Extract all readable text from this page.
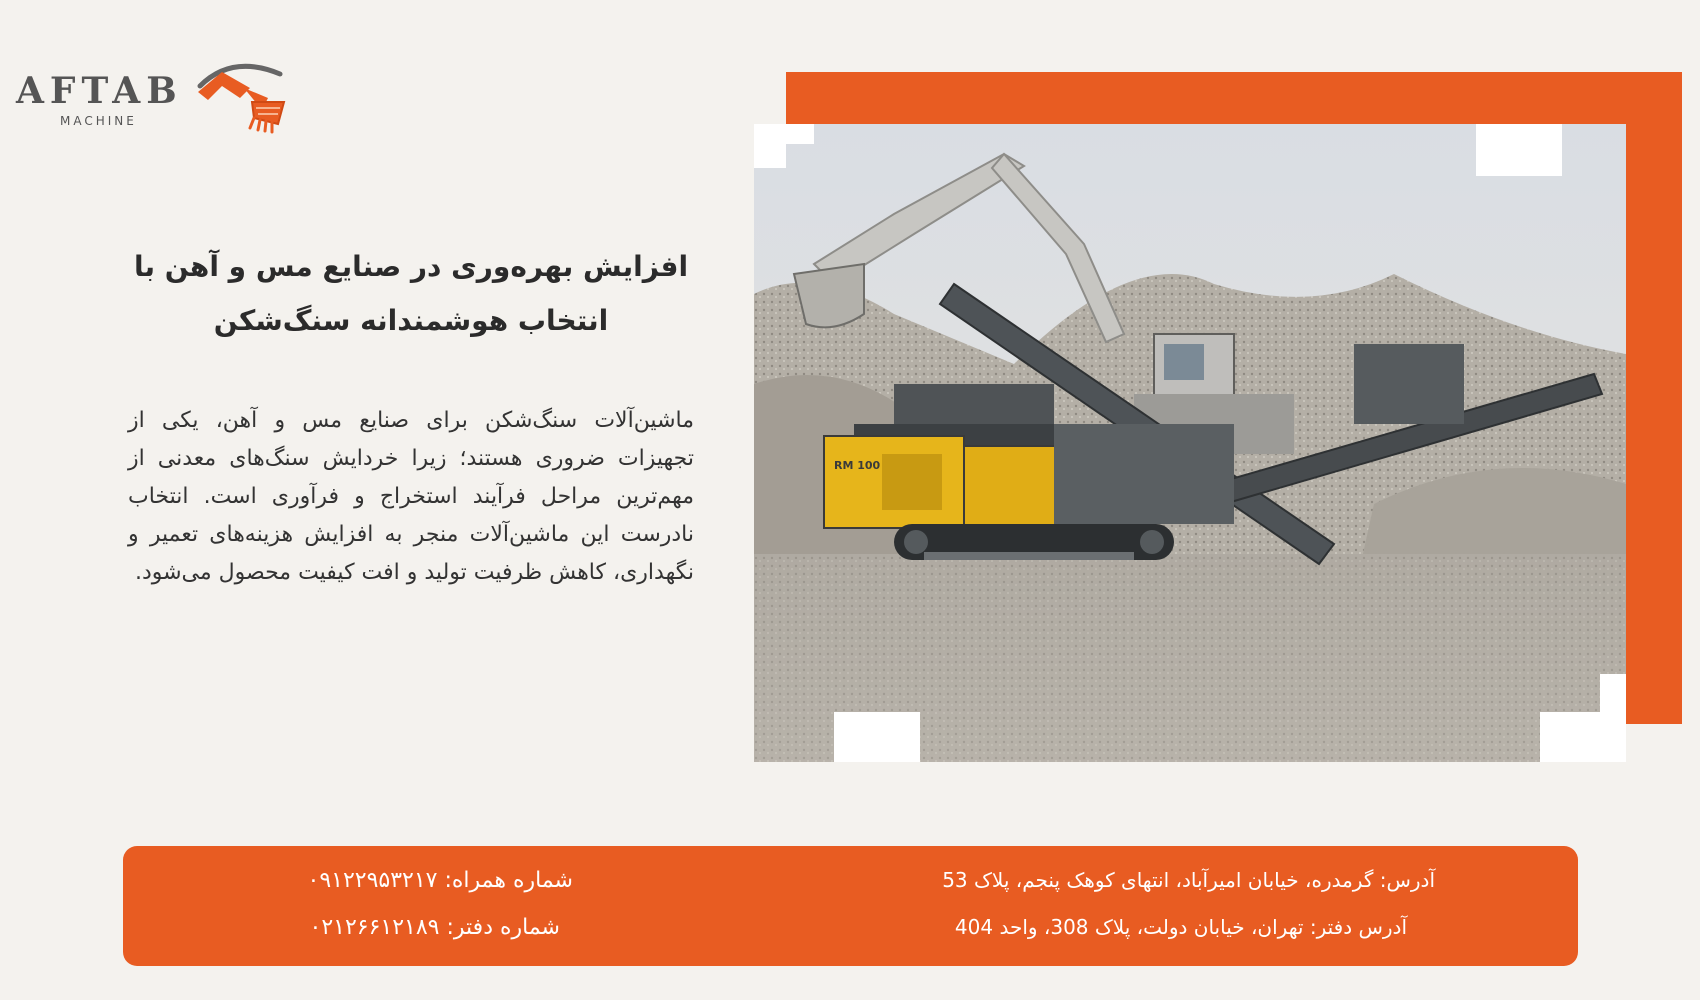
AFTAB
MACHINE
افزایش بهره‌وری در صنایع مس و آهن با انتخاب هوشمندانه سنگ‌شکن

ماشین‌آلات سنگ‌شکن برای صنایع مس و آهن، یکی از تجهیزات ضروری هستند؛ زیرا خردایش سنگ‌های معدنی از مهم‌ترین مراحل فرآیند استخراج و فرآوری است. انتخاب نادرست این ماشین‌آلات منجر به افزایش هزینه‌های تعمیر و نگهداری، کاهش ظرفیت تولید و افت کیفیت محصول می‌شود.

RM 100
آدرس: گرمدره، خیابان امیرآباد، انتهای کوهک پنجم، پلاک 53
آدرس دفتر: تهران، خیابان دولت، پلاک 308، واحد 404
شماره همراه: ۰۹۱۲۲۹۵۳۲۱۷
شماره دفتر: ۰۲۱۲۶۶۱۲۱۸۹
